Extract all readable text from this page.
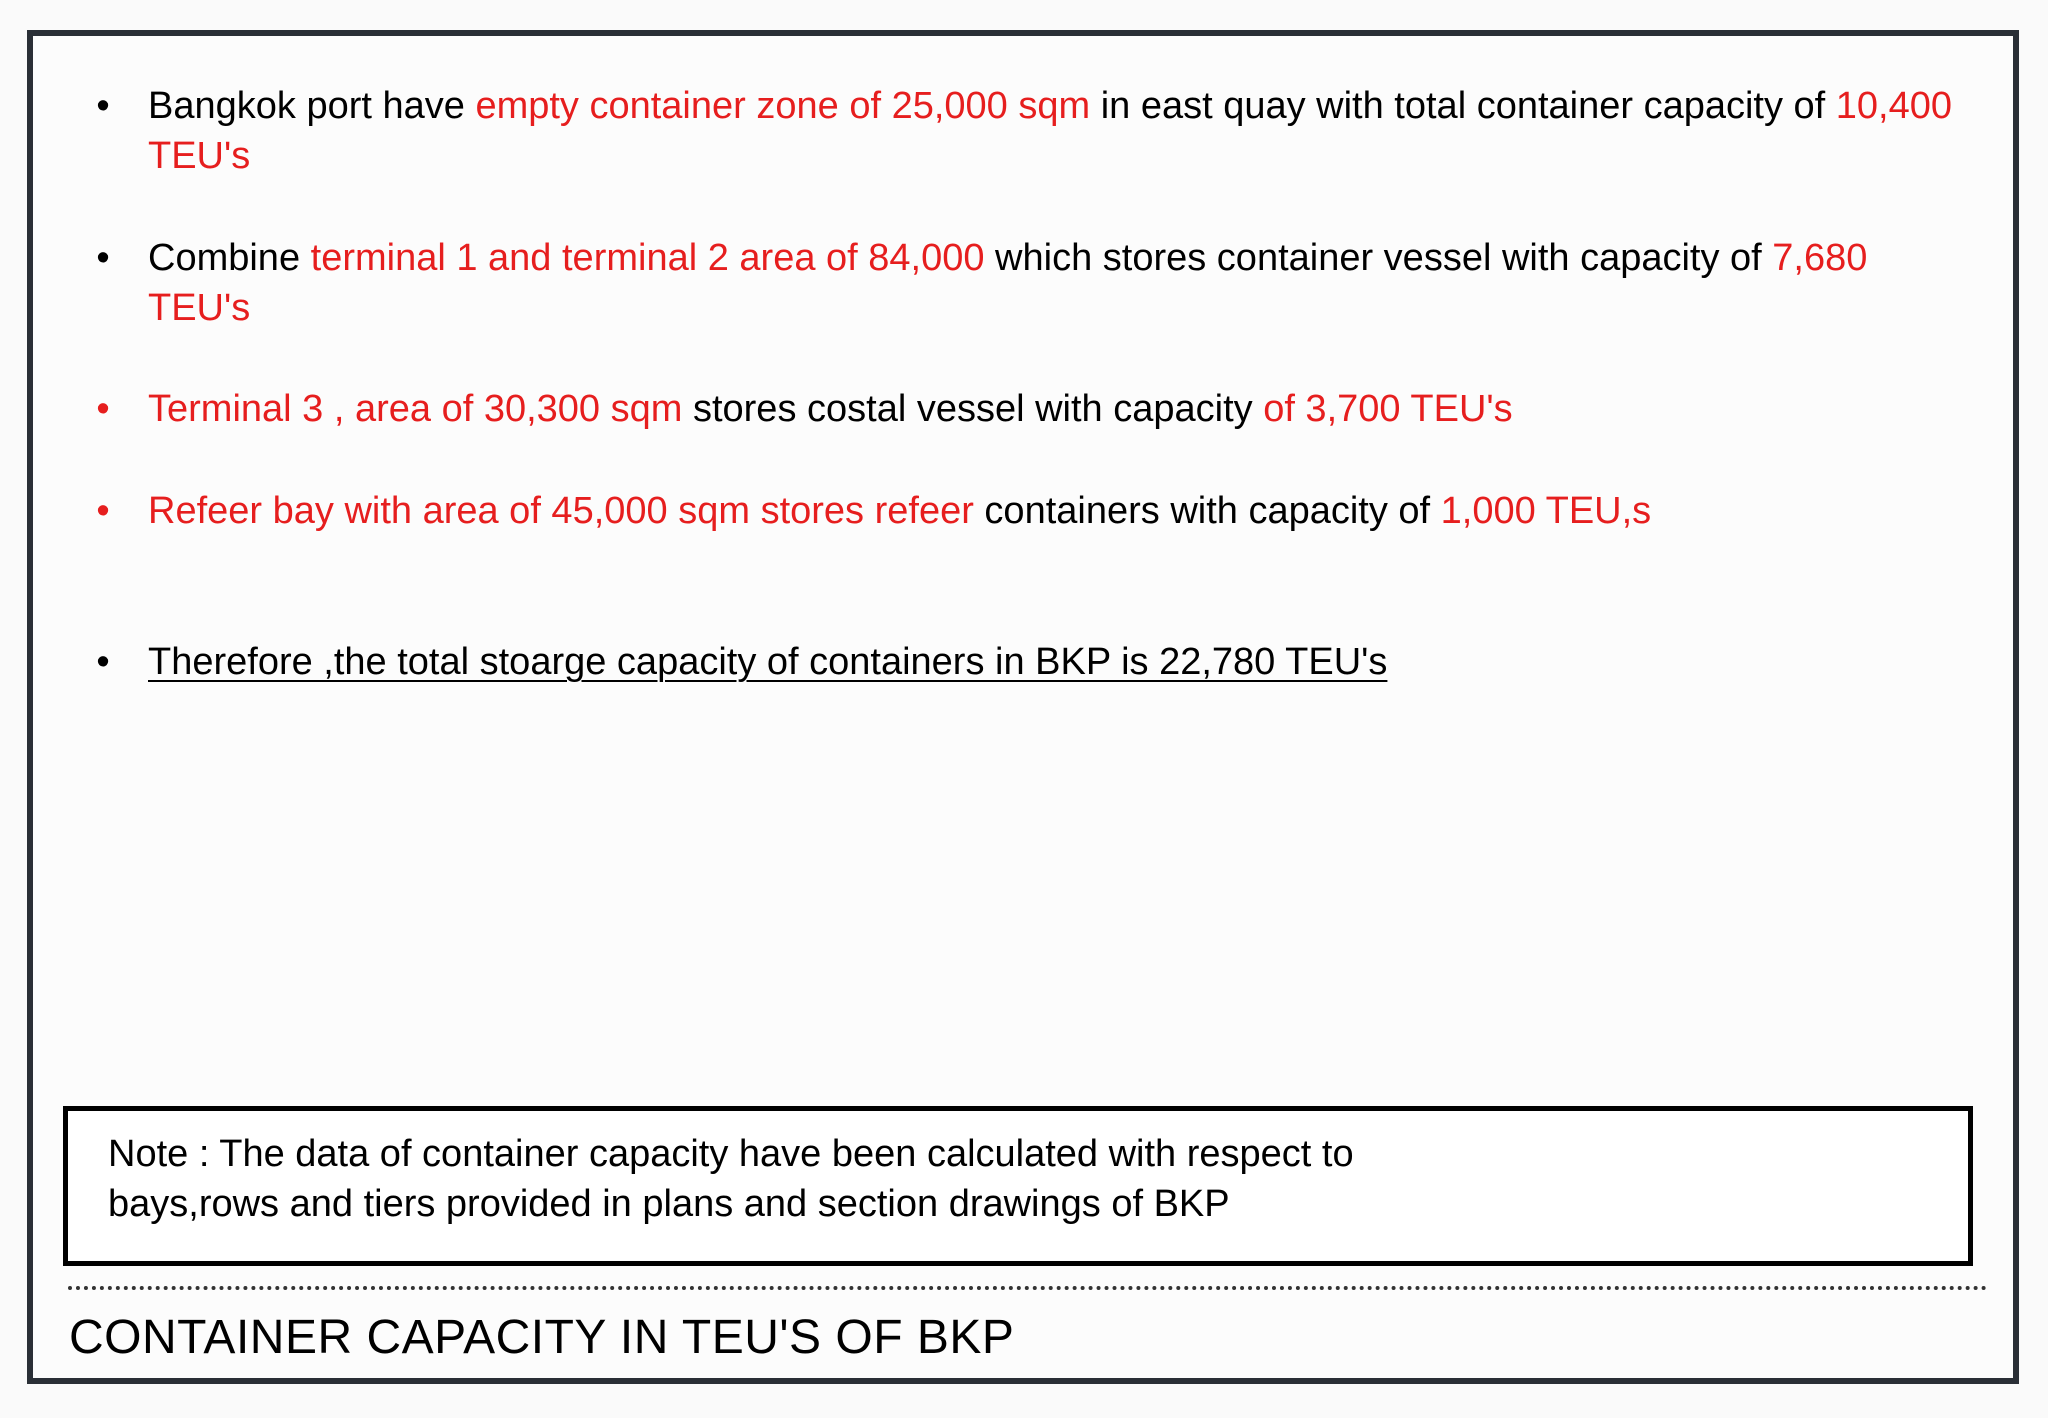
• Bangkok port have empty container zone of 25,000 sqm in east quay with total container capacity of 10,400 TEU's
• Combine terminal 1 and terminal 2 area of 84,000 which stores container vessel with capacity of 7,680 TEU's
• Terminal 3 , area of 30,300 sqm stores costal vessel with capacity of 3,700 TEU's
• Refeer bay with area of 45,000 sqm stores refeer containers with capacity of 1,000 TEU,s
• Therefore ,the total stoarge capacity of containers in BKP is 22,780 TEU's
Note : The data of container capacity have been calculated with respect to
bays,rows and tiers provided in plans and section drawings of BKP
CONTAINER CAPACITY IN TEU'S OF BKP
